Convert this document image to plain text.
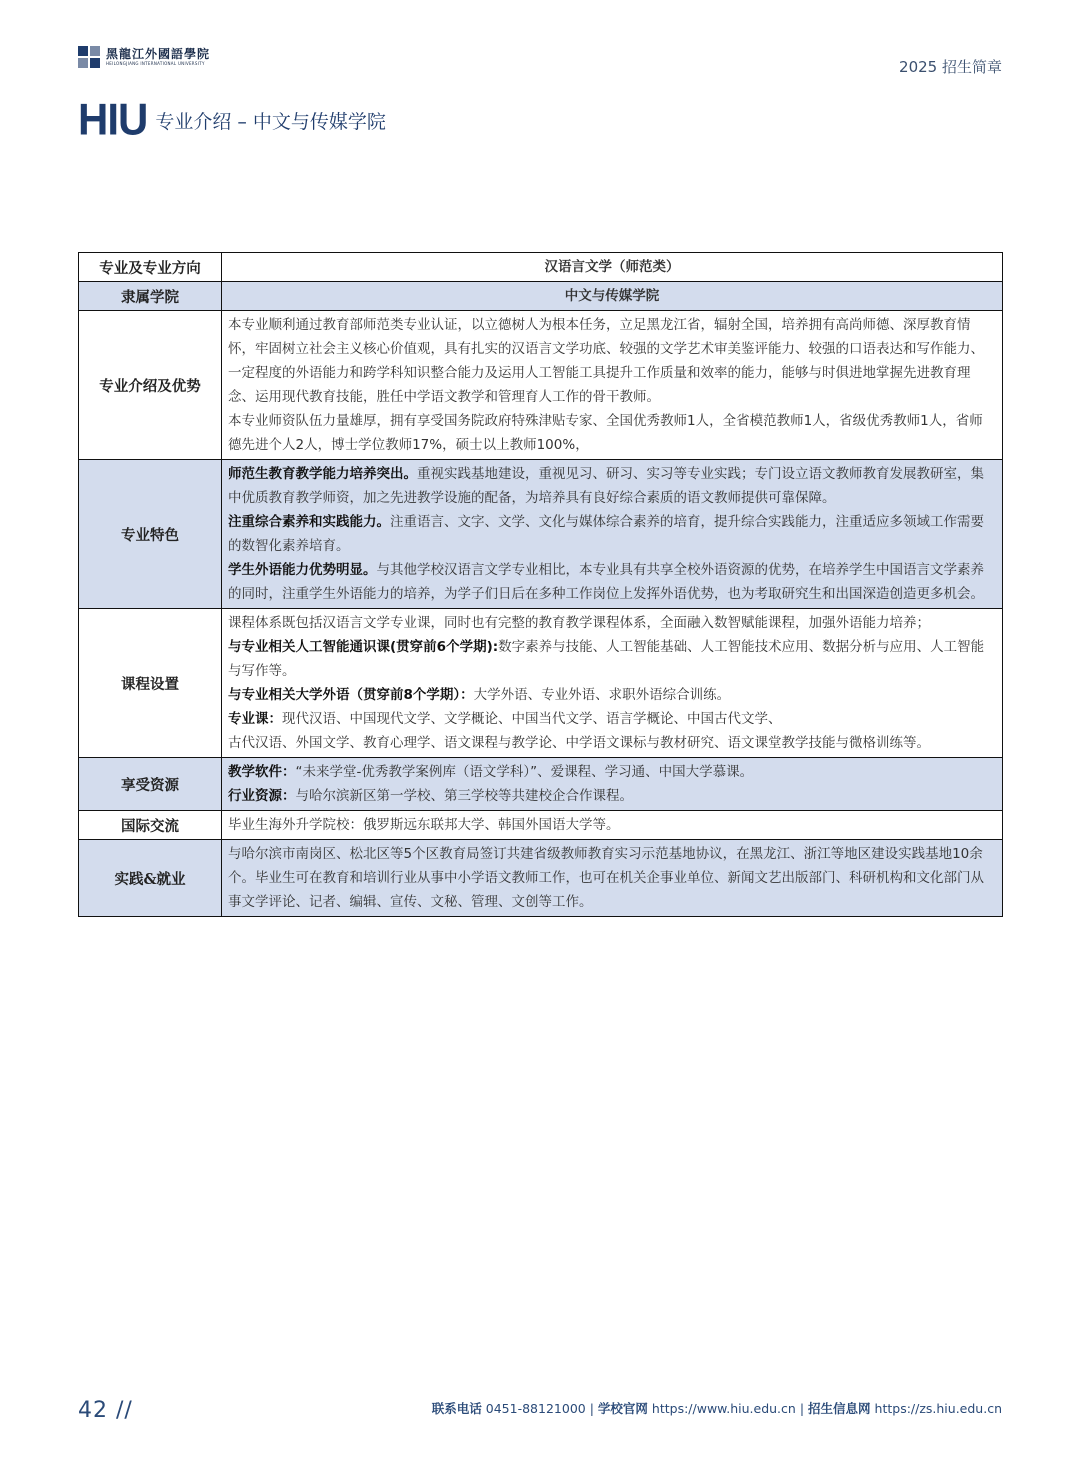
黑龍江外國語學院
HEILONGJIANG INTERNATIONAL UNIVERSITY	2025 招生简章
HIU 专业介绍 – 中文与传媒学院
专业及专业方向	汉语言文学（师范类）
隶属学院	中文与传媒学院
专业介绍及优势	本专业顺利通过教育部师范类专业认证，以立德树人为根本任务，立足黑龙江省，辐射全国，培养拥有高尚师德、深厚教育情怀，牢固树立社会主义核心价值观，具有扎实的汉语言文学功底、较强的文学艺术审美鉴评能力、较强的口语表达和写作能力、一定程度的外语能力和跨学科知识整合能力及运用人工智能工具提升工作质量和效率的能力，能够与时俱进地掌握先进教育理念、运用现代教育技能，胜任中学语文教学和管理育人工作的骨干教师。

本专业师资队伍力量雄厚，拥有享受国务院政府特殊津贴专家、全国优秀教师1人，全省模范教师1人，省级优秀教师1人，省师德先进个人2人，博士学位教师17%，硕士以上教师100%，

专业特色	师范生教育教学能力培养突出。重视实践基地建设，重视见习、研习、实习等专业实践；专门设立语文教师教育发展教研室，集中优质教育教学师资，加之先进教学设施的配备，为培养具有良好综合素质的语文教师提供可靠保障。

注重综合素养和实践能力。注重语言、文字、文学、文化与媒体综合素养的培育，提升综合实践能力，注重适应多领域工作需要的数智化素养培育。

学生外语能力优势明显。与其他学校汉语言文学专业相比，本专业具有共享全校外语资源的优势，在培养学生中国语言文学素养的同时，注重学生外语能力的培养，为学子们日后在多种工作岗位上发挥外语优势，也为考取研究生和出国深造创造更多机会。

课程设置	课程体系既包括汉语言文学专业课，同时也有完整的教育教学课程体系，全面融入数智赋能课程，加强外语能力培养；

与专业相关人工智能通识课(贯穿前6个学期):数字素养与技能、人工智能基础、人工智能技术应用、数据分析与应用、人工智能与写作等。

与专业相关大学外语（贯穿前8个学期）：大学外语、专业外语、求职外语综合训练。

专业课：现代汉语、中国现代文学、文学概论、中国当代文学、语言学概论、中国古代文学、

古代汉语、外国文学、教育心理学、语文课程与教学论、中学语文课标与教材研究、语文课堂教学技能与微格训练等。

享受资源	教学软件：“未来学堂-优秀教学案例库（语文学科）”、爱课程、学习通、中国大学慕课。

行业资源：与哈尔滨新区第一学校、第三学校等共建校企合作课程。

国际交流	毕业生海外升学院校：俄罗斯远东联邦大学、韩国外国语大学等。
实践&就业	与哈尔滨市南岗区、松北区等5个区教育局签订共建省级教师教育实习示范基地协议，在黑龙江、浙江等地区建设实践基地10余个。毕业生可在教育和培训行业从事中小学语文教师工作，也可在机关企事业单位、新闻文艺出版部门、科研机构和文化部门从事文学评论、记者、编辑、宣传、文秘、管理、文创等工作。
42 //	联系电话 0451-88121000 | 学校官网 https://www.hiu.edu.cn | 招生信息网 https://zs.hiu.edu.cn
